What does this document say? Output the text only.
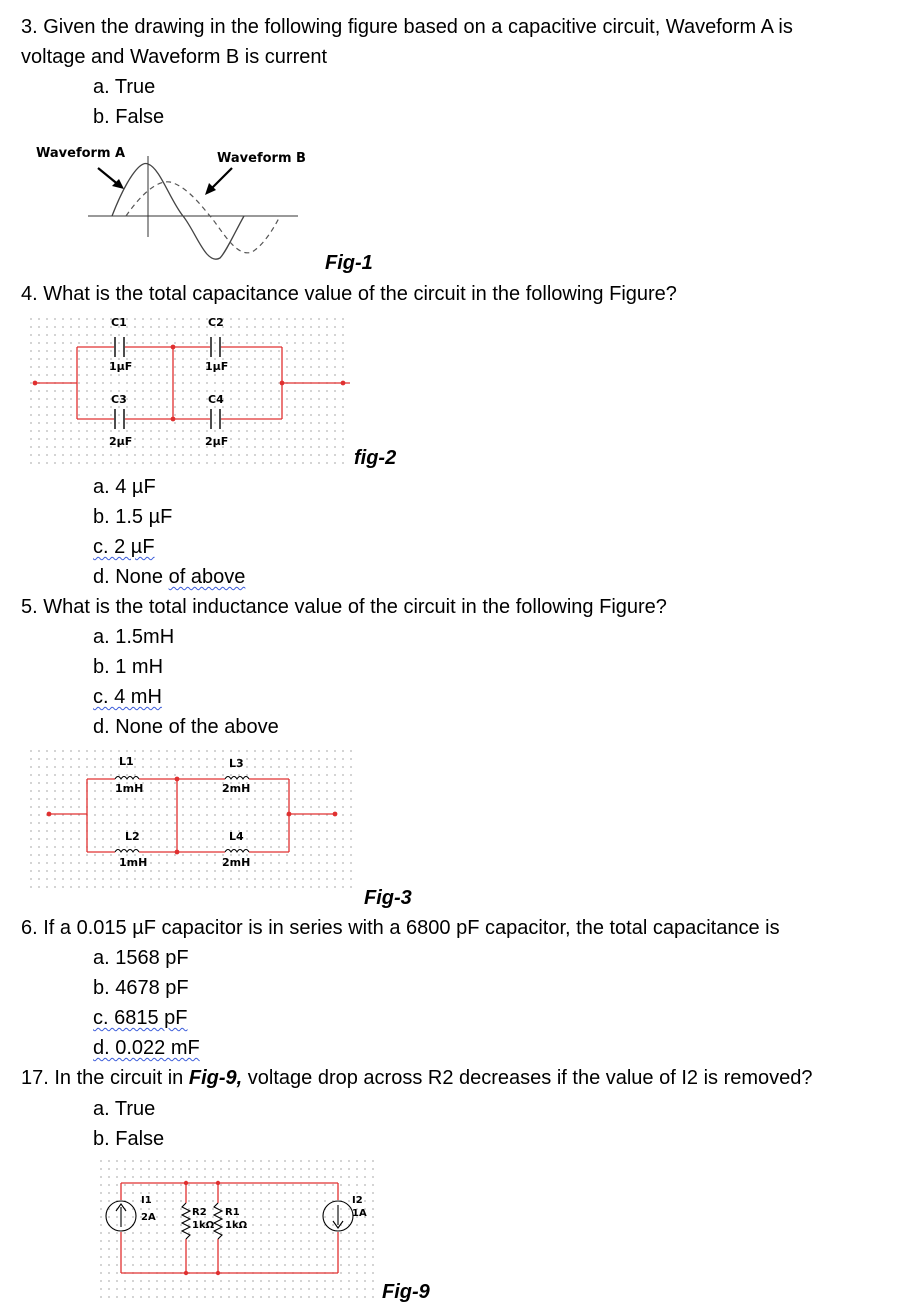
3. Given the drawing in the following figure based on a capacitive circuit, Waveform A is
voltage and Waveform B is current
a. True
b. False
Waveform A	Waveform B
Fig-1
4. What is the total capacitance value of the circuit in the following Figure?
C1	C2
1µF	1µF
C3	C4
2µF	2µF
fig-2
a. 4 µF
b. 1.5 µF
c. 2 µF
d. None of above
5. What is the total inductance value of the circuit in the following Figure?
a. 1.5mH
b. 1 mH
c. 4 mH
d. None of the above
L1	L3
1mH	2mH
L2	L4
1mH	2mH
Fig-3
6. If a 0.015 µF capacitor is in series with a 6800 pF capacitor, the total capacitance is
a. 1568 pF
b. 4678 pF
c. 6815 pF
d. 0.022 mF
17. In the circuit in Fig-9, voltage drop across R2 decreases if the value of I2 is removed?
a. True
b. False
I1
2A	R2
1kΩ
R1
1kΩ
I2
1A
Fig-9
